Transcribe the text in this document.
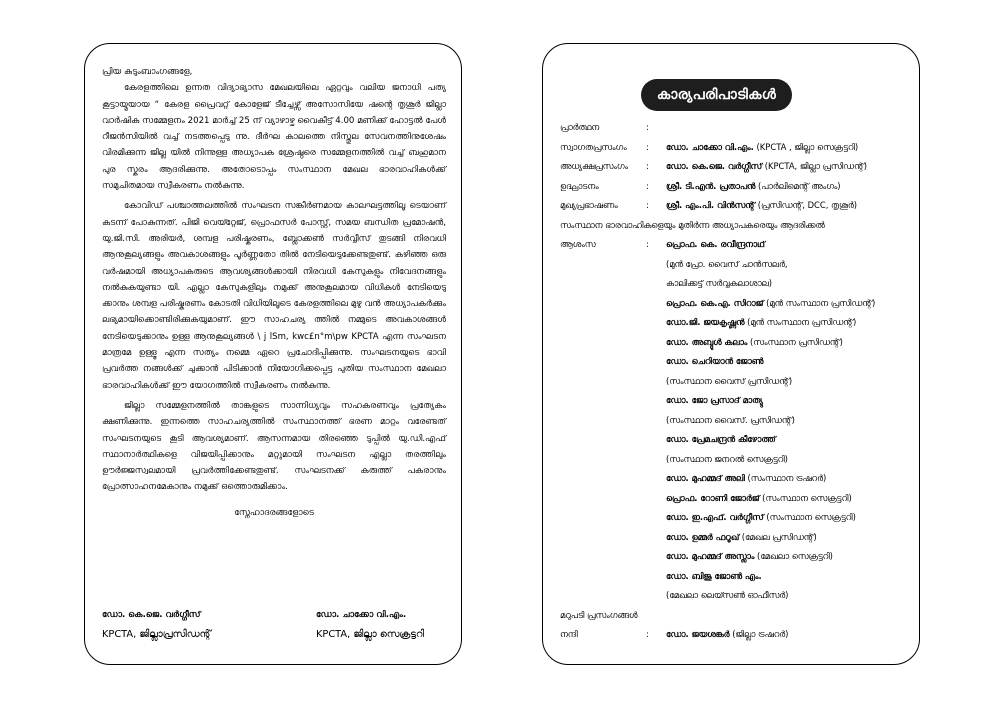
പ്രിയ കുടുംബാംഗങ്ങളേ,

കേരളത്തിലെ ഉന്നത വിദ്യാഭ്യാസ മേഖലയിലെ ഏറ്റവും വലിയ ജനാധി പത്യ കൂട്ടായ്മയായ “ കേരള പ്രൈവറ്റ് കോളേജ് ടീച്ചേഴ്സ് അസോസിയേ ഷന്റെ തൃശൂർ ജില്ലാ വാർഷിക സമ്മേളനം 2021 മാർച്ച് 25 ന് വ്യാഴാഴ്ച വൈകീട്ട് 4.00 മണിക്ക് ഹോട്ടൽ പേൾ റീജൻസിയിൽ വച്ച് നടത്തപ്പെടു ന്നു. ദീർഘ കാലത്തെ നിസ്തുല സേവനത്തിനുശേഷം വിരമിക്കുന്ന ജില്ല യിൽ നിന്നുള്ള അധ്യാപക ശ്രേഷ്ഠരെ സമ്മേളനത്തിൽ വച്ച് ബഹുമാന പുര സ്കരം ആദരിക്കുന്നു. അതോടൊപ്പം സംസ്ഥാന മേഖല ഭാരവാഹികൾക്ക് സമുചിതമായ സ്വീകരണം നൽകുന്നു.

കോവിഡ് പശ്ചാത്തലത്തിൽ സംഘടന സങ്കീർണമായ കാലഘട്ടത്തിലൂ ടെയാണ് കടന്ന് പോകുന്നത്. പിജി വെയ്റ്റേജ്, പ്രൊഫസർ പോസ്റ്റ്, സമയ ബന്ധിത പ്രമോഷൻ, യു.ജി.സി. അരിയർ, ശമ്പള പരിഷ്കരണം, ബ്ലോക്കൺ സർവ്വീസ് തുടങ്ങി നിരവധി ആനുകൂല്യങ്ങളും അവകാശങ്ങളും പൂർണ്ണതോ തിൽ നേടിയെടുക്കേണ്ടതുണ്ട്. കഴിഞ്ഞ ഒരു വർഷമായി അധ്യാപകരുടെ ആവശ്യങ്ങൾക്കായി നിരവധി കേസുകളും നിവേദനങ്ങളും നൽകുകയുണ്ടാ യി. എല്ലാ കേസുകളിലും നമുക്ക് അനുകൂലമായ വിധികൾ നേടിയെടു ക്കാനും ശമ്പള പരിഷ്കരണം കോടതി വിധിയിലൂടെ കേരളത്തിലെ മുഴു വൻ അധ്യാപകർക്കും ലഭ്യമായിക്കൊണ്ടിരിക്കുകയുമാണ്. ഈ സാഹചര്യ ത്തിൽ നമ്മുടെ അവകാശങ്ങൾ നേടിയെടുക്കാനും ഉള്ള ആനുകൂല്യങ്ങൾ \ j lSm, kwc£n°m\pw KPCTA എന്ന സംഘടന മാത്രമേ ഉള്ളൂ എന്ന സത്യം നമ്മെ ഏറെ പ്രചോദിപ്പിക്കുന്നു. സംഘടനയുടെ ഭാവി പ്രവർത്ത നങ്ങൾക്ക് ചുക്കാൻ പിടിക്കാൻ നിയോഗിക്കപ്പെട്ട പുതിയ സംസ്ഥാന മേഖലാ ഭാരവാഹികൾക്ക് ഈ യോഗത്തിൽ സ്വീകരണം നൽകുന്നു.

ജില്ലാ സമ്മേളനത്തിൽ താങ്കളുടെ സാന്നിധ്യവും സഹകരണവും പ്രത്യേകം ക്ഷണിക്കുന്നു. ഇന്നത്തെ സാഹചര്യത്തിൽ സംസ്ഥാനത്ത് ഭരണ മാറ്റം വരേണ്ടത് സംഘടനയുടെ കൂടി ആവശ്യമാണ്. ആസന്നമായ തിരഞ്ഞെ ടുപ്പിൽ യു.ഡി.എഫ് സ്ഥാനാർത്ഥികളെ വിജയിപ്പിക്കാനും മറ്റുമായി സംഘടന എല്ലാ തരത്തിലും ഊർജ്ജസ്വലമായി പ്രവർത്തിക്കേണ്ടതുണ്ട്. സംഘടനക്ക് കരുത്ത് പകരാനും പ്രോത്സാഹനമേകാനും നമുക്ക് ഒത്തൊരുമിക്കാം.

സ്നേഹാദരങ്ങളോടെ
ഡോ. കെ.ജെ. വർഗ്ഗീസ്
KPCTA, ജില്ലാപ്രസിഡന്റ്
ഡോ. ചാക്കോ വി.എം.
KPCTA, ജില്ലാ സെക്രട്ടറി
കാര്യപരിപാടികൾ
പ്രാർത്ഥന	:
സ്വാഗതപ്രസംഗം : ഡോ. ചാക്കോ വി.എം. (KPCTA , ജില്ലാ സെക്രട്ടറി)
അധ്യക്ഷപ്രസംഗം : ഡോ. കെ.ജെ. വർഗ്ഗീസ് (KPCTA, ജില്ലാ പ്രസിഡന്റ്)
ഉദ്ഘാടനം	: ശ്രീ. ടി.എൻ. പ്രതാപൻ (പാർലിമെന്റ് അംഗം)
മുഖ്യപ്രഭാഷണം	: ശ്രീ. എം.പി. വിൻസന്റ് (പ്രസിഡന്റ്, DCC, തൃശൂർ)
സംസ്ഥാന ഭാരവാഹികളെയും മുതിർന്ന അധ്യാപകരെയും ആദരിക്കൽ
ആശംസ	: പ്രൊഫ. കെ. രവീന്ദ്രനാഥ്
(മുൻ പ്രോ. വൈസ് ചാൻസലർ,
കാലിക്കട്ട് സർവ്വകലാശാല)
പ്രൊഫ. കെ.എ. സിറാജ് (മുൻ സംസ്ഥാന പ്രസിഡന്റ്)
ഡോ.ജി. ജയകൃഷ്ണൻ (മുൻ സംസ്ഥാന പ്രസിഡന്റ്)
ഡോ. അബ്ദുൾ കലാം (സംസ്ഥാന പ്രസിഡന്റ്)
ഡോ. ചെറിയാൻ ജോൺ
(സംസ്ഥാന വൈസ് പ്രസിഡന്റ്)
ഡോ. ജോ പ്രസാദ് മാത്യു
(സംസ്ഥാന വൈസ്. പ്രസിഡന്റ്)
ഡോ. പ്രേമചന്ദ്രൻ കീഴോത്ത്
(സംസ്ഥാന ജനറൽ സെക്രട്ടറി)
ഡോ. മുഹമ്മദ് അലി (സംസ്ഥാന ട്രഷറർ)
പ്രൊഫ. റോണി ജോർജ് (സംസ്ഥാന സെക്രട്ടറി)
ഡോ. ഇ.എഫ്. വർഗ്ഗീസ് (സംസ്ഥാന സെക്രട്ടറി)
ഡോ. ഉമ്മർ ഫറൂഖ് (മേഖല പ്രസിഡന്റ്)
ഡോ. മുഹമ്മദ് അസ്ലാം (മേഖലാ സെക്രട്ടറി)
ഡോ. ബിജു ജോൺ എം.
(മേഖലാ ലെയ്സൺ ഓഫീസർ)
മറുപടി പ്രസംഗങ്ങൾ
നന്ദി	: ഡോ. ജയശങ്കർ (ജില്ലാ ട്രഷറർ)
